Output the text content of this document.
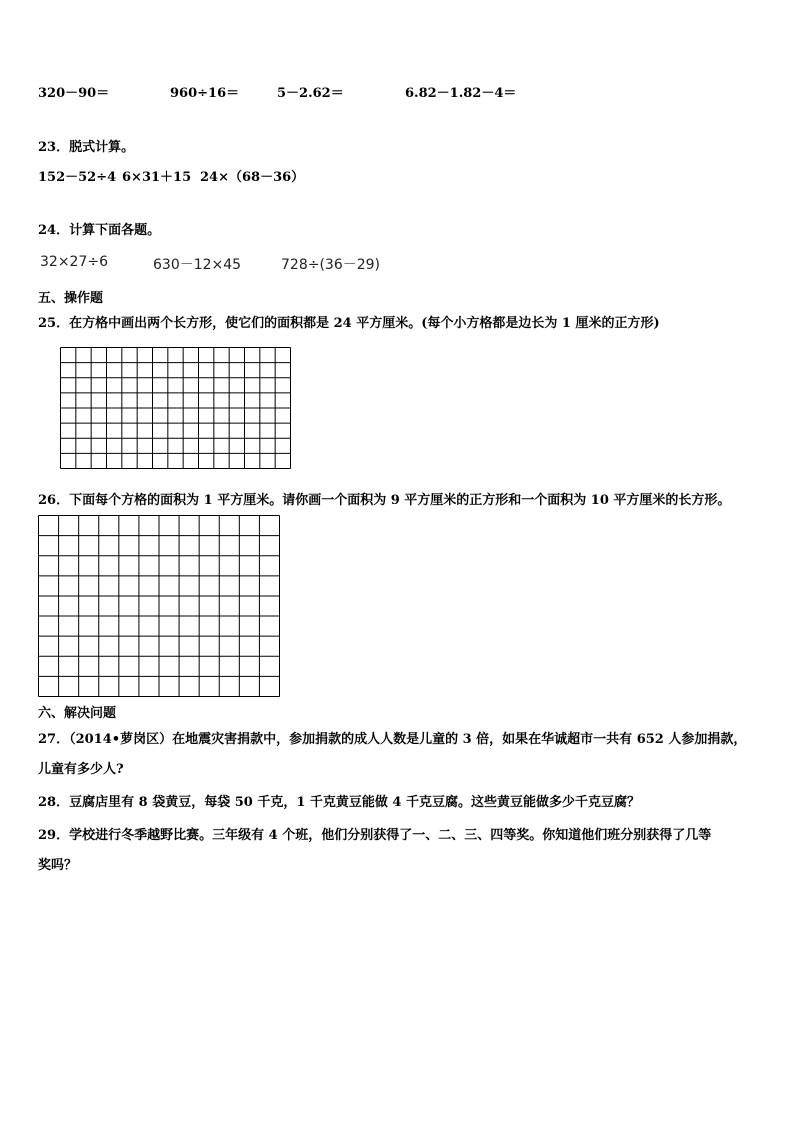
320－90＝	960÷16＝	5－2.62＝	6.82－1.82－4＝
23．脱式计算。
152－52÷4 6×31＋15 24×（68－36）
24．计算下面各题。
32×27÷6	630－12×45	728÷(36－29)
五、操作题
25．在方格中画出两个长方形，使它们的面积都是 24 平方厘米。(每个小方格都是边长为 1 厘米的正方形)
26．下面每个方格的面积为 1 平方厘米。请你画一个面积为 9 平方厘米的正方形和一个面积为 10 平方厘米的长方形。
六、解决问题
27．（2014•萝岗区）在地震灾害捐款中，参加捐款的成人人数是儿童的 3 倍，如果在华诚超市一共有 652 人参加捐款，
儿童有多少人?
28．豆腐店里有 8 袋黄豆，每袋 50 千克，1 千克黄豆能做 4 千克豆腐。这些黄豆能做多少千克豆腐？
29．学校进行冬季越野比赛。三年级有 4 个班，他们分别获得了一、二、三、四等奖。你知道他们班分别获得了几等
奖吗？
